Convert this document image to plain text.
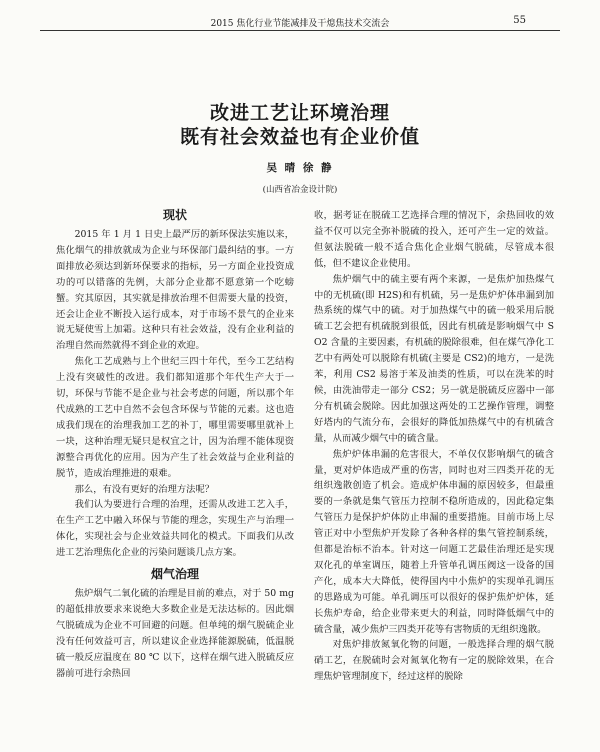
2015 焦化行业节能减排及干熄焦技术交流会	55
改进工艺让环境治理
既有社会效益也有企业价值
吴 晴 徐 静
(山西省冶金设计院)
现状

2015 年 1 月 1 日史上最严厉的新环保法实施以来，焦化烟气的排放就成为企业与环保部门最纠结的事。一方面排放必须达到新环保要求的指标，另一方面企业投资成功的可以错落的先例，大部分企业都不愿意第一个吃螃蟹。究其原因，其实就是排放治理不但需要大量的投资，还会让企业不断投入运行成本，对于市场不景气的企业来说无疑使雪上加霜。这种只有社会效益，没有企业利益的治理自然而然就得不到企业的欢迎。

焦化工艺成熟与上个世纪三四十年代，至今工艺结构上没有突破性的改进。我们都知道那个年代生产大于一切，环保与节能不是企业与社会考虑的问题，所以那个年代成熟的工艺中自然不会包含环保与节能的元素。这也造成我们现在的治理我加工艺的补丁，哪里需要哪里就补上一块，这种治理无疑只是权宜之计，因为治理不能体现资源整合再优化的应用。因为产生了社会效益与企业利益的脱节，造成治理推进的艰难。

那么，有没有更好的治理方法呢？

我们认为要进行合理的治理，还需从改进工艺入手，在生产工艺中融入环保与节能的理念，实现生产与治理一体化，实现社会与企业效益共同化的模式。下面我们从改进工艺治理焦化企业的污染问题谈几点方案。

烟气治理

焦炉烟气二氧化硫的治理是目前的难点，对于 50 mg 的超低排放要求来说绝大多数企业是无法达标的。因此烟气脱硫成为企业不可回避的问题。但单纯的烟气脱硫企业没有任何效益可言，所以建议企业选择能源脱硫，低温脱硫一般反应温度在 80 ℃ 以下，这样在烟气进入脱硫反应器前可进行余热回

收，据考证在脱硫工艺选择合理的情况下，余热回收的效益不仅可以完全弥补脱硫的投入，还可产生一定的效益。但氨法脱硫一般不适合焦化企业烟气脱硫，尽管成本很低，但不建议企业使用。

焦炉烟气中的硫主要有两个来源，一是焦炉加热煤气中的无机硫(即 H2S)和有机硫，另一是焦炉炉体串漏到加热系统的煤气中的硫。对于加热煤气中的硫一般采用后脱硫工艺会把有机硫脱到很低，因此有机硫是影响烟气中 SO2 含量的主要因素，有机硫的脱除很难，但在煤气净化工艺中有两处可以脱除有机硫(主要是 CS2)的地方，一是洗苯，利用 CS2 易溶于苯及油类的性质，可以在洗苯的时候，由洗油带走一部分 CS2；另一就是脱硫反应器中一部分有机硫会脱除。因此加强这两处的工艺操作管理，调整好塔内的气流分布，会很好的降低加热煤气中的有机硫含量，从而减少烟气中的硫含量。

焦炉炉体串漏的危害很大，不单仅仅影响烟气的硫含量，更对炉体造成严重的伤害，同时也对三四类开花的无组织逸散创造了机会。造成炉体串漏的原因较多，但最重要的一条就是集气管压力控制不稳所造成的，因此稳定集气管压力是保护炉体防止串漏的重要措施。目前市场上尽管正对中小型焦炉开发除了各种各样的集气管控制系统，但都是治标不治本。针对这一问题工艺最佳治理还是实现双化孔的单室调压，随着上升管单孔调压阀这一设备的国产化，成本大大降低，使得国内中小焦炉的实现单孔调压的思路成为可能。单孔调压可以很好的保护焦炉炉体，延长焦炉寿命，给企业带来更大的利益，同时降低烟气中的硫含量，减少焦炉三四类开花等有害物质的无组织逸散。

对焦炉排放氮氧化物的问题，一般选择合理的烟气脱硝工艺，在脱硫时会对氮氧化物有一定的脱除效果，在合理焦炉管理制度下，经过这样的脱除
